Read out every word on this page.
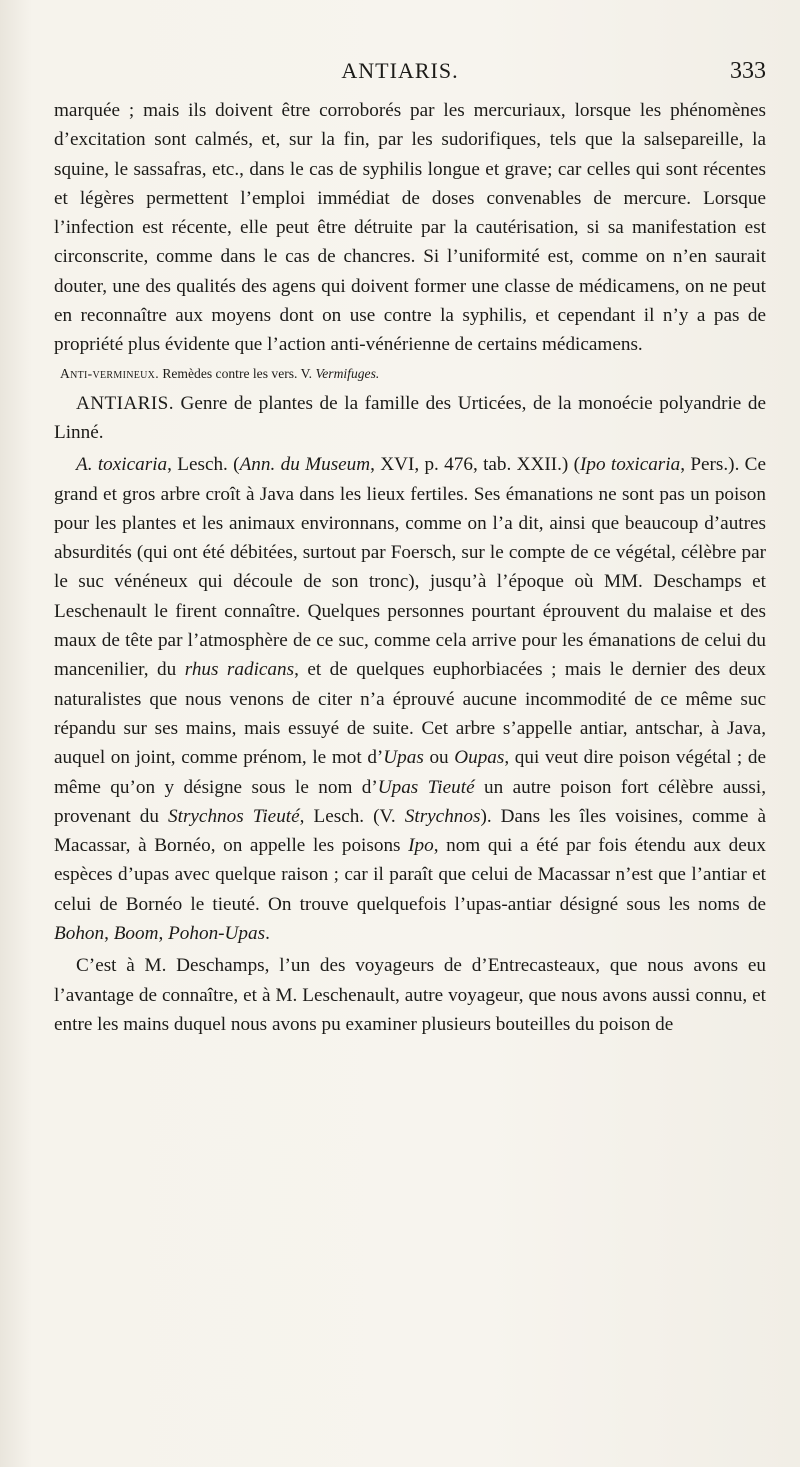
ANTIARIS.	333

marquée ; mais ils doivent être corroborés par les mercuriaux, lorsque les phénomènes d’excitation sont calmés, et, sur la fin, par les sudorifiques, tels que la salsepareille, la squine, le sassafras, etc., dans le cas de syphilis longue et grave; car celles qui sont récentes et légères permettent l’emploi immédiat de doses convenables de mercure. Lorsque l’infection est récente, elle peut être détruite par la cautérisation, si sa manifestation est circonscrite, comme dans le cas de chancres. Si l’uniformité est, comme on n’en saurait douter, une des qualités des agens qui doivent former une classe de médicamens, on ne peut en reconnaître aux moyens dont on use contre la syphilis, et cependant il n’y a pas de propriété plus évidente que l’action anti-vénérienne de certains médicamens.

Anti-vermineux. Remèdes contre les vers. V. Vermifuges.

ANTIARIS. Genre de plantes de la famille des Urticées, de la monoécie polyandrie de Linné.

A. toxicaria, Lesch. (Ann. du Museum, XVI, p. 476, tab. XXII.) (Ipo toxicaria, Pers.). Ce grand et gros arbre croît à Java dans les lieux fertiles. Ses émanations ne sont pas un poison pour les plantes et les animaux environnans, comme on l’a dit, ainsi que beaucoup d’autres absurdités (qui ont été débitées, surtout par Foersch, sur le compte de ce végétal, célèbre par le suc vénéneux qui découle de son tronc), jusqu’à l’époque où MM. Deschamps et Leschenault le firent connaître. Quelques personnes pourtant éprouvent du malaise et des maux de tête par l’atmosphère de ce suc, comme cela arrive pour les émanations de celui du mancenilier, du rhus radicans, et de quelques euphorbiacées ; mais le dernier des deux naturalistes que nous venons de citer n’a éprouvé aucune incommodité de ce même suc répandu sur ses mains, mais essuyé de suite. Cet arbre s’appelle antiar, antschar, à Java, auquel on joint, comme prénom, le mot d’Upas ou Oupas, qui veut dire poison végétal ; de même qu’on y désigne sous le nom d’Upas Tieuté un autre poison fort célèbre aussi, provenant du Strychnos Tieuté, Lesch. (V. Strychnos). Dans les îles voisines, comme à Macassar, à Bornéo, on appelle les poisons Ipo, nom qui a été par fois étendu aux deux espèces d’upas avec quelque raison ; car il paraît que celui de Macassar n’est que l’antiar et celui de Bornéo le tieuté. On trouve quelquefois l’upas-antiar désigné sous les noms de Bohon, Boom, Pohon-Upas.

C’est à M. Deschamps, l’un des voyageurs de d’Entrecasteaux, que nous avons eu l’avantage de connaître, et à M. Leschenault, autre voyageur, que nous avons aussi connu, et entre les mains duquel nous avons pu examiner plusieurs bouteilles du poison de
